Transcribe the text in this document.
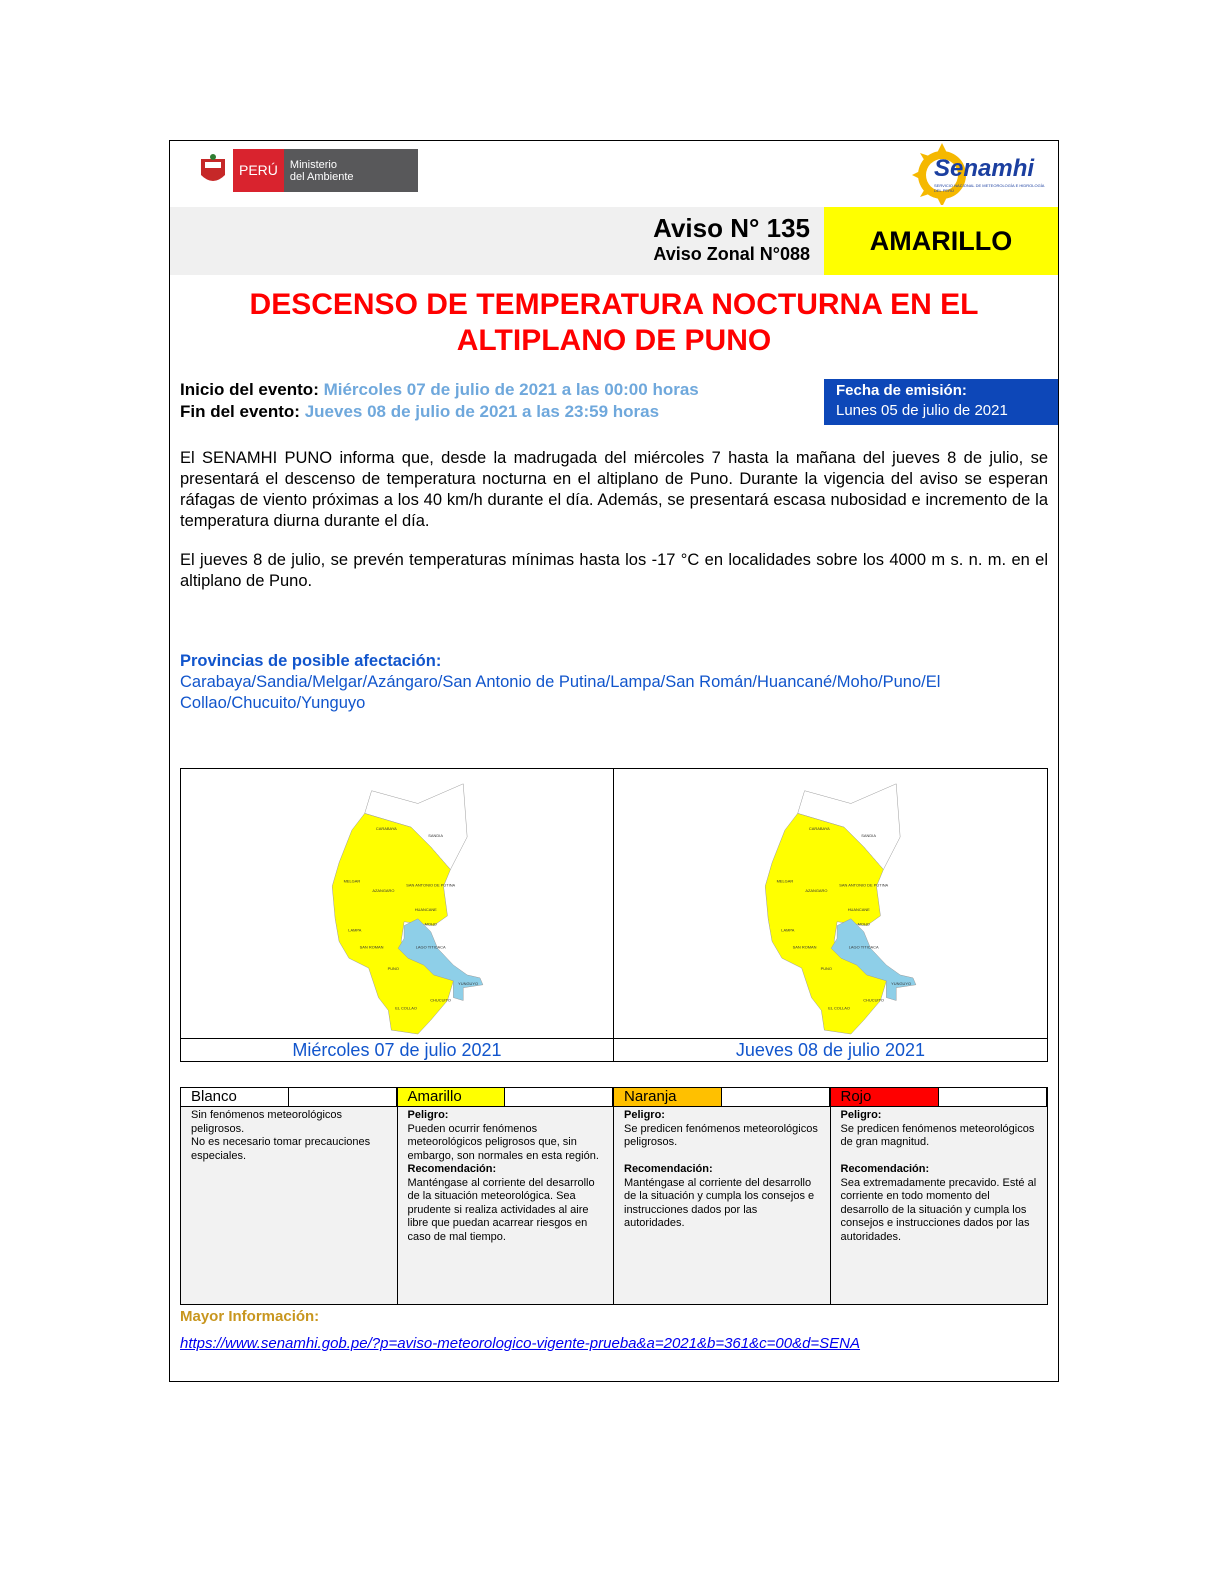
PERÚ	Ministerio
del Ambiente	Senamhi
SERVICIO NACIONAL DE METEOROLOGÍA E HIDROLOGÍA DEL PERÚ
Aviso N° 135
Aviso Zonal N°088	AMARILLO
DESCENSO DE TEMPERATURA NOCTURNA EN EL
ALTIPLANO DE PUNO
Inicio del evento: Miércoles 07 de julio de 2021 a las 00:00 horas
Fin del evento: Jueves 08 de julio de 2021 a las 23:59 horas
Fecha de emisión:
Lunes 05 de julio de 2021
El SENAMHI PUNO informa que, desde la madrugada del miércoles 7 hasta la mañana del jueves 8 de julio, se presentará el descenso de temperatura nocturna en el altiplano de Puno. Durante la vigencia del aviso se esperan ráfagas de viento próximas a los 40 km/h durante el día. Además, se presentará escasa nubosidad e incremento de la temperatura diurna durante el día.
El jueves 8 de julio, se prevén temperaturas mínimas hasta los -17 °C en localidades sobre los 4000 m s. n. m. en el altiplano de Puno.
Provincias de posible afectación:
Carabaya/Sandia/Melgar/Azángaro/San Antonio de Putina/Lampa/San Román/Huancané/Moho/Puno/El Collao/Chucuito/Yunguyo
Miércoles 07 de julio 2021
CARABAYA
SANDIA
MELGAR
AZANGARO
SAN ANTONIO DE PUTINA
HUANCANE
MOHO
LAMPA
SAN ROMAN	LAGO TITICACA
PUNO
YUNGUYO
CHUCUITO
EL COLLAO
Jueves 08 de julio 2021
CARABAYA
SANDIA
MELGAR
AZANGARO
SAN ANTONIO DE PUTINA
HUANCANE
MOHO
LAMPA
SAN ROMAN	LAGO TITICACA
PUNO
YUNGUYO
CHUCUITO
EL COLLAO
Blanco
Sin fenómenos meteorológicos peligrosos.
No es necesario tomar precauciones especiales.
Amarillo
Peligro:
Pueden ocurrir fenómenos meteorológicos peligrosos que, sin embargo, son normales en esta región.
Recomendación:
Manténgase al corriente del desarrollo de la situación meteorológica. Sea prudente si realiza actividades al aire libre que puedan acarrear riesgos en caso de mal tiempo.
Naranja
Peligro:
Se predicen fenómenos meteorológicos peligrosos.

Recomendación:
Manténgase al corriente del desarrollo de la situación y cumpla los consejos e instrucciones dados por las autoridades.
Rojo
Peligro:
Se predicen fenómenos meteorológicos de gran magnitud.

Recomendación:
Sea extremadamente precavido. Esté al corriente en todo momento del desarrollo de la situación y cumpla los consejos e instrucciones dados por las autoridades.
Mayor Información:
https://www.senamhi.gob.pe/?p=aviso-meteorologico-vigente-prueba&a=2021&b=361&c=00&d=SENA
